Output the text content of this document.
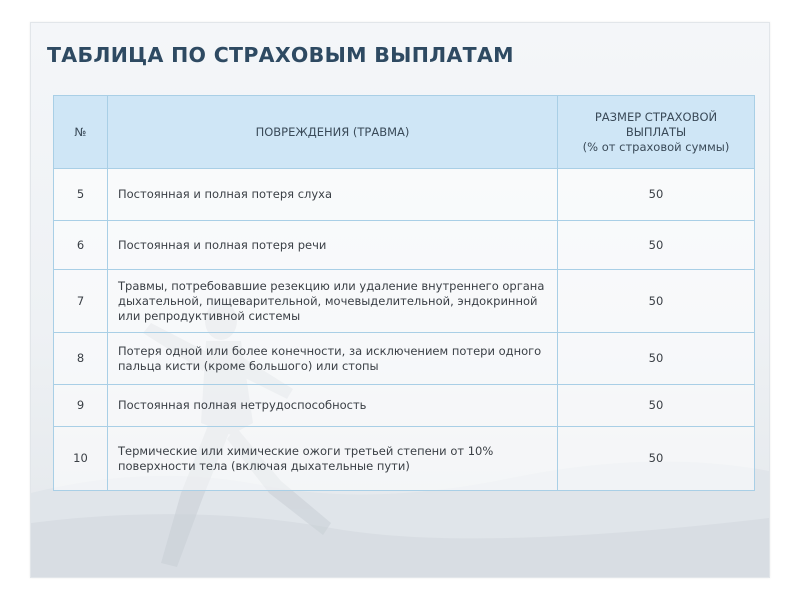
ТАБЛИЦА ПО СТРАХОВЫМ ВЫПЛАТАМ
№	ПОВРЕЖДЕНИЯ (ТРАВМА)	РАЗМЕР СТРАХОВОЙ
ВЫПЛАТЫ
(% от страховой суммы)

5	Постоянная и полная потеря слуха	50
6	Постоянная и полная потеря речи	50
7	Травмы, потребовавшие резекцию или удаление внутреннего органа дыхательной, пищеварительной, мочевыделительной, эндокринной или репродуктивной системы	50
8	Потеря одной или более конечности, за исключением потери одного пальца кисти (кроме большого) или стопы	50
9	Постоянная полная нетрудоспособность	50
10	Термические или химические ожоги третьей степени от 10% поверхности тела (включая дыхательные пути)	50
